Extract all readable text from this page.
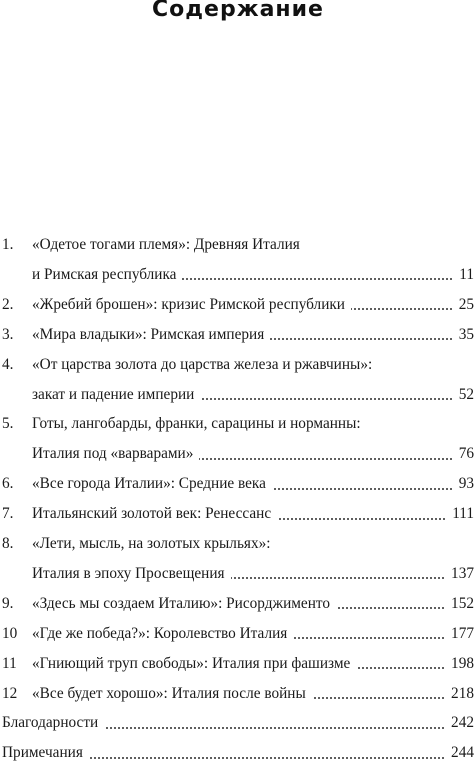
Содержание
1. «Одетое тогами племя»: Древняя Италия
и Римская республика	11
2. «Жребий брошен»: кризис Римской республики	25
3. «Мира владыки»: Римская империя	35
4. «От царства золота до царства железа и ржавчины»:
закат и падение империи	52
5. Готы, лангобарды, франки, сарацины и норманны:
Италия под «варварами»	76
6. «Все города Италии»: Средние века	93
7. Итальянский золотой век: Ренессанс	111
8. «Лети, мысль, на золотых крыльях»:
Италия в эпоху Просвещения	137
9. «Здесь мы создаем Италию»: Рисорджименто	152
10 «Где же победа?»: Королевство Италия	177
11 «Гниющий труп свободы»: Италия при фашизме	198
12 «Все будет хорошо»: Италия после войны	218
Благодарности	242
Примечания	244
